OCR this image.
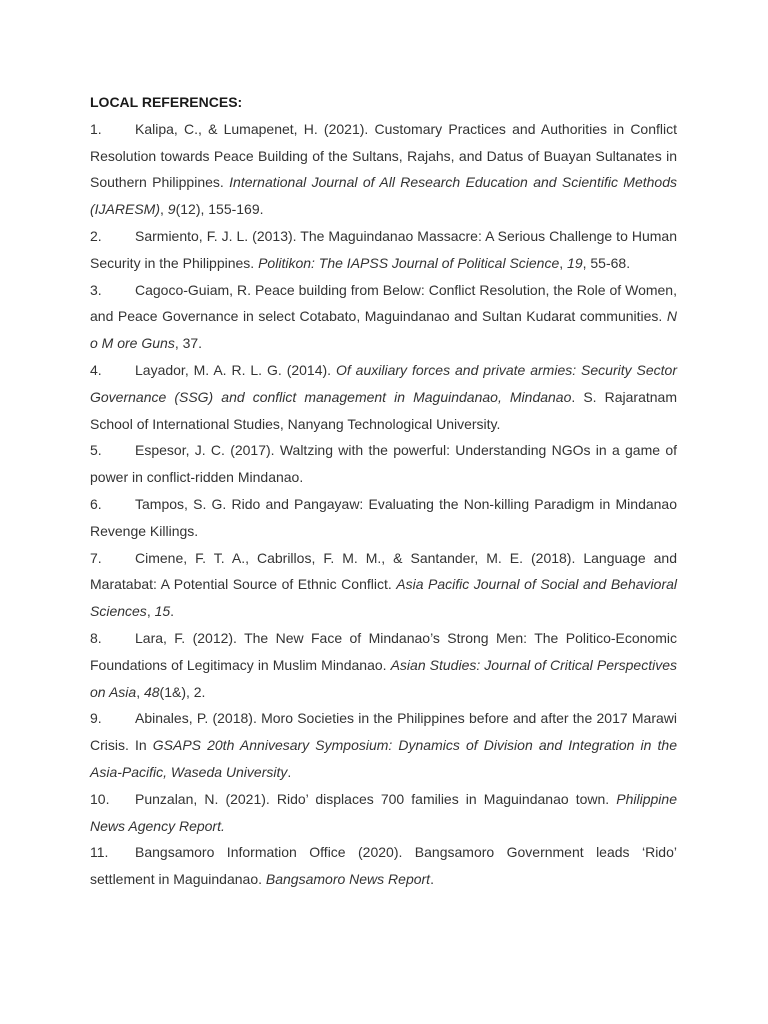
LOCAL REFERENCES:

1. Kalipa, C., & Lumapenet, H. (2021). Customary Practices and Authorities in Conflict Resolution towards Peace Building of the Sultans, Rajahs, and Datus of Buayan Sultanates in Southern Philippines. International Journal of All Research Education and Scientific Methods (IJARESM), 9(12), 155-169.
2. Sarmiento, F. J. L. (2013). The Maguindanao Massacre: A Serious Challenge to Human Security in the Philippines. Politikon: The IAPSS Journal of Political Science, 19, 55-68.
3. Cagoco-Guiam, R. Peace building from Below: Conflict Resolution, the Role of Women, and Peace Governance in select Cotabato, Maguindanao and Sultan Kudarat communities. N o M ore Guns, 37.
4. Layador, M. A. R. L. G. (2014). Of auxiliary forces and private armies: Security Sector Governance (SSG) and conflict management in Maguindanao, Mindanao. S. Rajaratnam School of International Studies, Nanyang Technological University.
5. Espesor, J. C. (2017). Waltzing with the powerful: Understanding NGOs in a game of power in conflict-ridden Mindanao.
6. Tampos, S. G. Rido and Pangayaw: Evaluating the Non-killing Paradigm in Mindanao Revenge Killings.
7. Cimene, F. T. A., Cabrillos, F. M. M., & Santander, M. E. (2018). Language and Maratabat: A Potential Source of Ethnic Conflict. Asia Pacific Journal of Social and Behavioral Sciences, 15.
8. Lara, F. (2012). The New Face of Mindanao’s Strong Men: The Politico-Economic Foundations of Legitimacy in Muslim Mindanao. Asian Studies: Journal of Critical Perspectives on Asia, 48(1&), 2.
9. Abinales, P. (2018). Moro Societies in the Philippines before and after the 2017 Marawi Crisis. In GSAPS 20th Annivesary Symposium: Dynamics of Division and Integration in the Asia-Pacific, Waseda University.
10. Punzalan, N. (2021). Rido’ displaces 700 families in Maguindanao town. Philippine News Agency Report.
11. Bangsamoro Information Office (2020). Bangsamoro Government leads ‘Rido’ settlement in Maguindanao. Bangsamoro News Report.
